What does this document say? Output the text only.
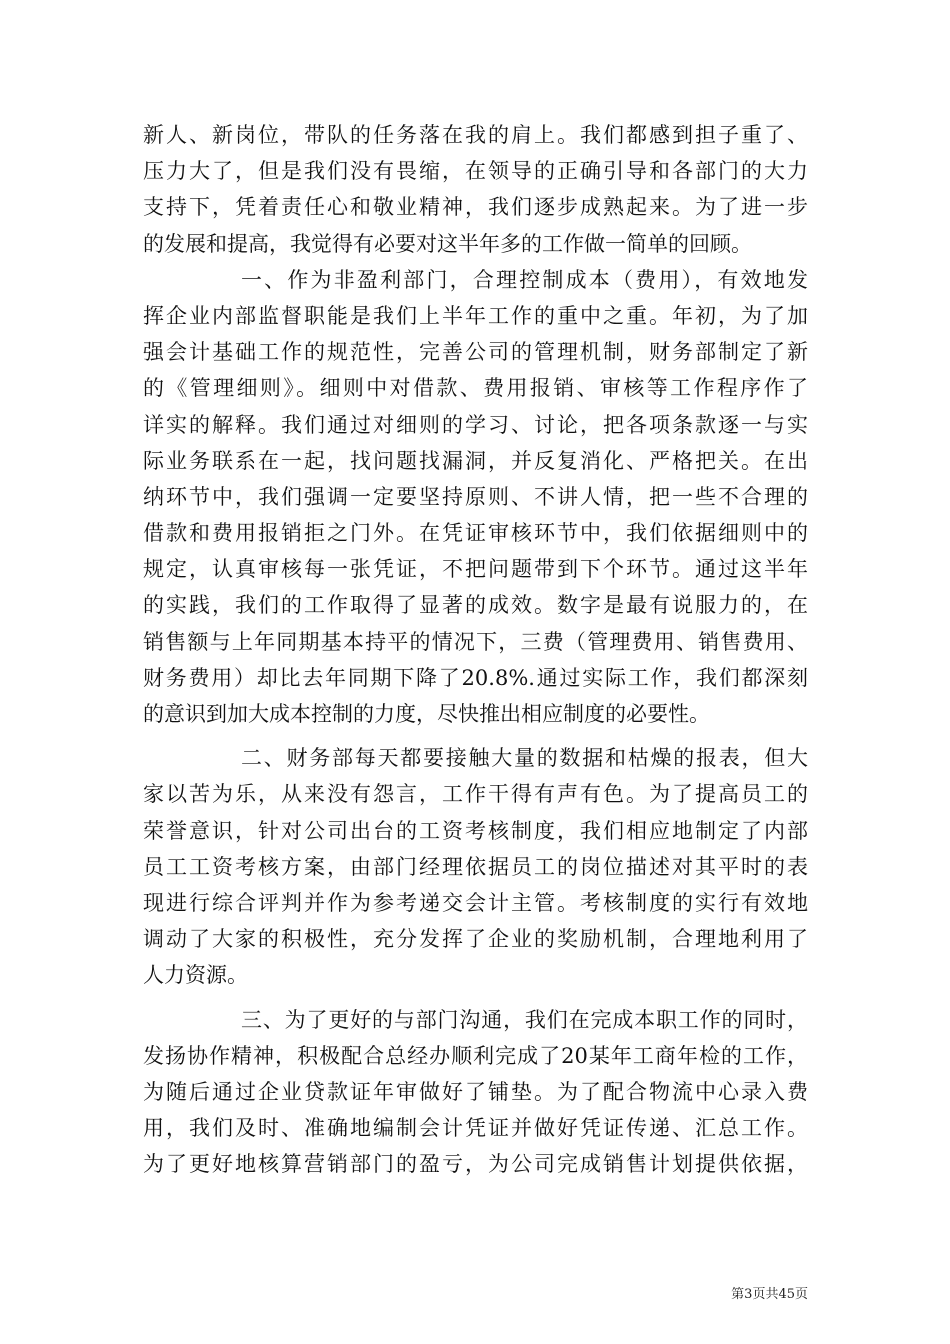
新人、新岗位，带队的任务落在我的肩上。我们都感到担子重了、
压力大了，但是我们没有畏缩，在领导的正确引导和各部门的大力
支持下，凭着责任心和敬业精神，我们逐步成熟起来。为了进一步
的发展和提高，我觉得有必要对这半年多的工作做一简单的回顾。
一、作为非盈利部门，合理控制成本（费用），有效地发
挥企业内部监督职能是我们上半年工作的重中之重。年初，为了加
强会计基础工作的规范性，完善公司的管理机制，财务部制定了新
的《管理细则》。细则中对借款、费用报销、审核等工作程序作了
详实的解释。我们通过对细则的学习、讨论，把各项条款逐一与实
际业务联系在一起，找问题找漏洞，并反复消化、严格把关。在出
纳环节中，我们强调一定要坚持原则、不讲人情，把一些不合理的
借款和费用报销拒之门外。在凭证审核环节中，我们依据细则中的
规定，认真审核每一张凭证，不把问题带到下个环节。通过这半年
的实践，我们的工作取得了显著的成效。数字是最有说服力的，在
销售额与上年同期基本持平的情况下，三费（管理费用、销售费用、
财务费用）却比去年同期下降了20.8%.通过实际工作，我们都深刻
的意识到加大成本控制的力度，尽快推出相应制度的必要性。
二、财务部每天都要接触大量的数据和枯燥的报表，但大
家以苦为乐，从来没有怨言，工作干得有声有色。为了提高员工的
荣誉意识，针对公司出台的工资考核制度，我们相应地制定了内部
员工工资考核方案，由部门经理依据员工的岗位描述对其平时的表
现进行综合评判并作为参考递交会计主管。考核制度的实行有效地
调动了大家的积极性，充分发挥了企业的奖励机制，合理地利用了
人力资源。
三、为了更好的与部门沟通，我们在完成本职工作的同时，
发扬协作精神，积极配合总经办顺利完成了20某年工商年检的工作，
为随后通过企业贷款证年审做好了铺垫。为了配合物流中心录入费
用，我们及时、准确地编制会计凭证并做好凭证传递、汇总工作。
为了更好地核算营销部门的盈亏，为公司完成销售计划提供依据，
第3页共45页
